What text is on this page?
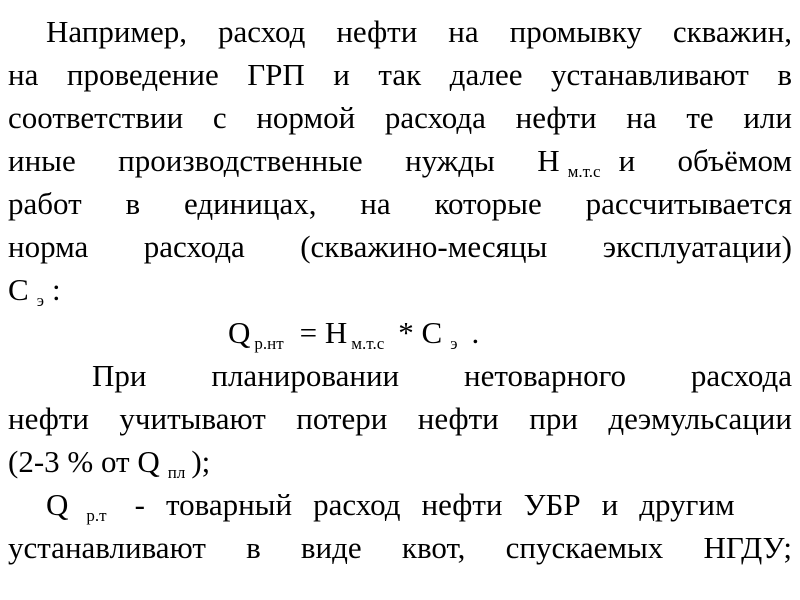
Например, расход нефти на промывку скважин,
на проведение ГРП и так далее устанавливают в
соответствии с нормой расхода нефти на те или
иные производственные нужды Н $_{м.т.с}$ и объёмом
работ в единицах, на которые рассчитывается
норма расхода (скважино-месяцы эксплуатации)
С $_э$ :
Q $_{р.нт}$ = Н $_{м.т.с}$ * С $_э$ .
При планировании нетоварного расхода
нефти учитывают потери нефти при деэмульсации
(2-3 % от Q $_{пл}$ );
Q $_{р.т}$ - товарный расход нефти УБР и другим
устанавливают в виде квот, спускаемых НГДУ;
